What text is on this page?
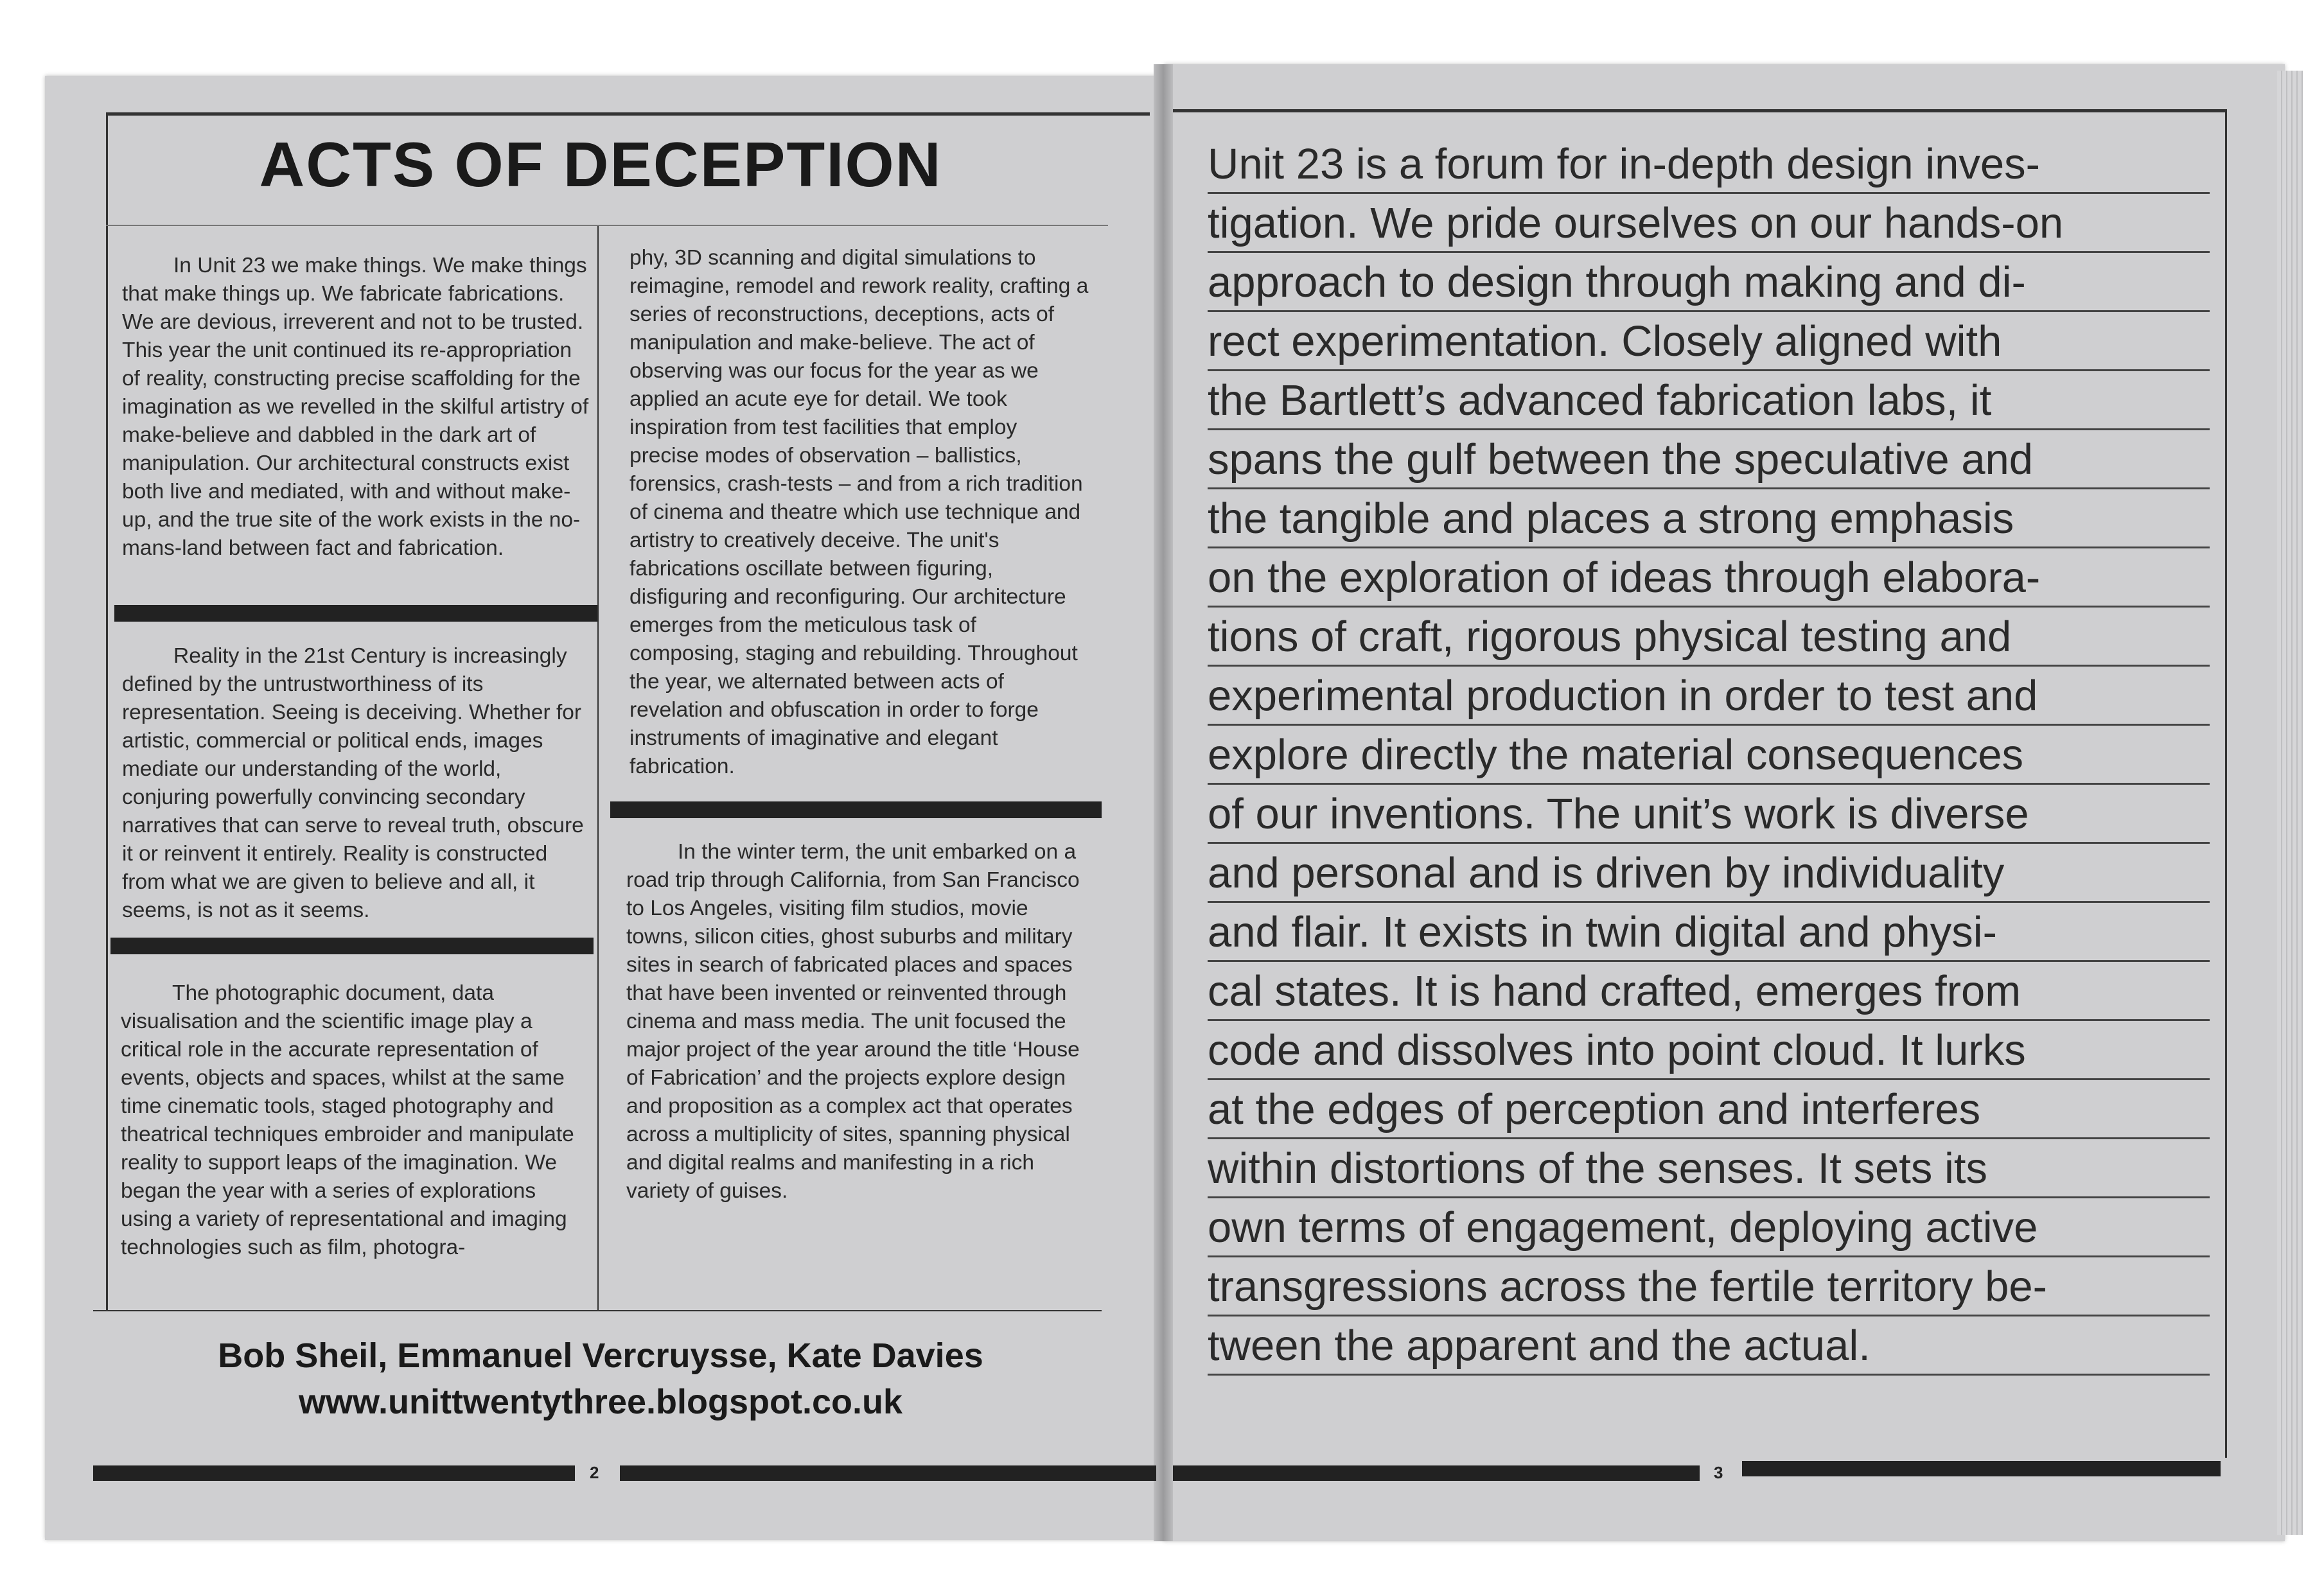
ACTS OF DECEPTION

In Unit 23 we make things. We make things that make things up. We fabricate fabrications. We are devious, irreverent and not to be trusted. This year the unit continued its re-appropriation of reality, constructing precise scaffolding for the imagination as we revelled in the skilful artistry of make-believe and dabbled in the dark art of manipulation. Our architectural constructs exist both live and mediated, with and without make-up, and the true site of the work exists in the no-mans-land between fact and fabrication.

Reality in the 21st Century is increasingly defined by the untrustworthiness of its representation. Seeing is deceiving. Whether for artistic, commercial or political ends, images mediate our understanding of the world, conjuring powerfully convincing secondary narratives that can serve to reveal truth, obscure it or reinvent it entirely. Reality is constructed from what we are given to believe and all, it seems, is not as it seems.

The photographic document, data visualisation and the scientific image play a critical role in the accurate representation of events, objects and spaces, whilst at the same time cinematic tools, staged photography and theatrical techniques embroider and manipulate reality to support leaps of the imagination. We began the year with a series of explorations using a variety of representational and imaging technologies such as film, photogra-

phy, 3D scanning and digital simulations to reimagine, remodel and rework reality, crafting a series of reconstructions, deceptions, acts of manipulation and make-believe. The act of observing was our focus for the year as we applied an acute eye for detail. We took inspiration from test facilities that employ precise modes of observation – ballistics, forensics, crash-tests – and from a rich tradition of cinema and theatre which use technique and artistry to creatively deceive. The unit's fabrications oscillate between figuring, disfiguring and reconfiguring. Our architecture emerges from the meticulous task of composing, staging and rebuilding. Throughout the year, we alternated between acts of revelation and obfuscation in order to forge instruments of imaginative and elegant fabrication.

In the winter term, the unit embarked on a road trip through California, from San Francisco to Los Angeles, visiting film studios, movie towns, silicon cities, ghost suburbs and military sites in search of fabricated places and spaces that have been invented or reinvented through cinema and mass media. The unit focused the major project of the year around the title ‘House of Fabrication’ and the projects explore design and proposition as a complex act that operates across a multiplicity of sites, spanning physical and digital realms and manifesting in a rich variety of guises.

Bob Sheil, Emmanuel Vercruysse, Kate Davies
www.unittwentythree.blogspot.co.uk
2
Unit 23 is a forum for in-depth design inves-
tigation. We pride ourselves on our hands-on
approach to design through making and di-
rect experimentation. Closely aligned with
the Bartlett’s advanced fabrication labs, it
spans the gulf between the speculative and
the tangible and places a strong emphasis
on the exploration of ideas through elabora-
tions of craft, rigorous physical testing and
experimental production in order to test and
explore directly the material consequences
of our inventions. The unit’s work is diverse
and personal and is driven by individuality
and flair. It exists in twin digital and physi-
cal states. It is hand crafted, emerges from
code and dissolves into point cloud. It lurks
at the edges of perception and interferes
within distortions of the senses. It sets its
own terms of engagement, deploying active
transgressions across the fertile territory be-
tween the apparent and the actual.
3
